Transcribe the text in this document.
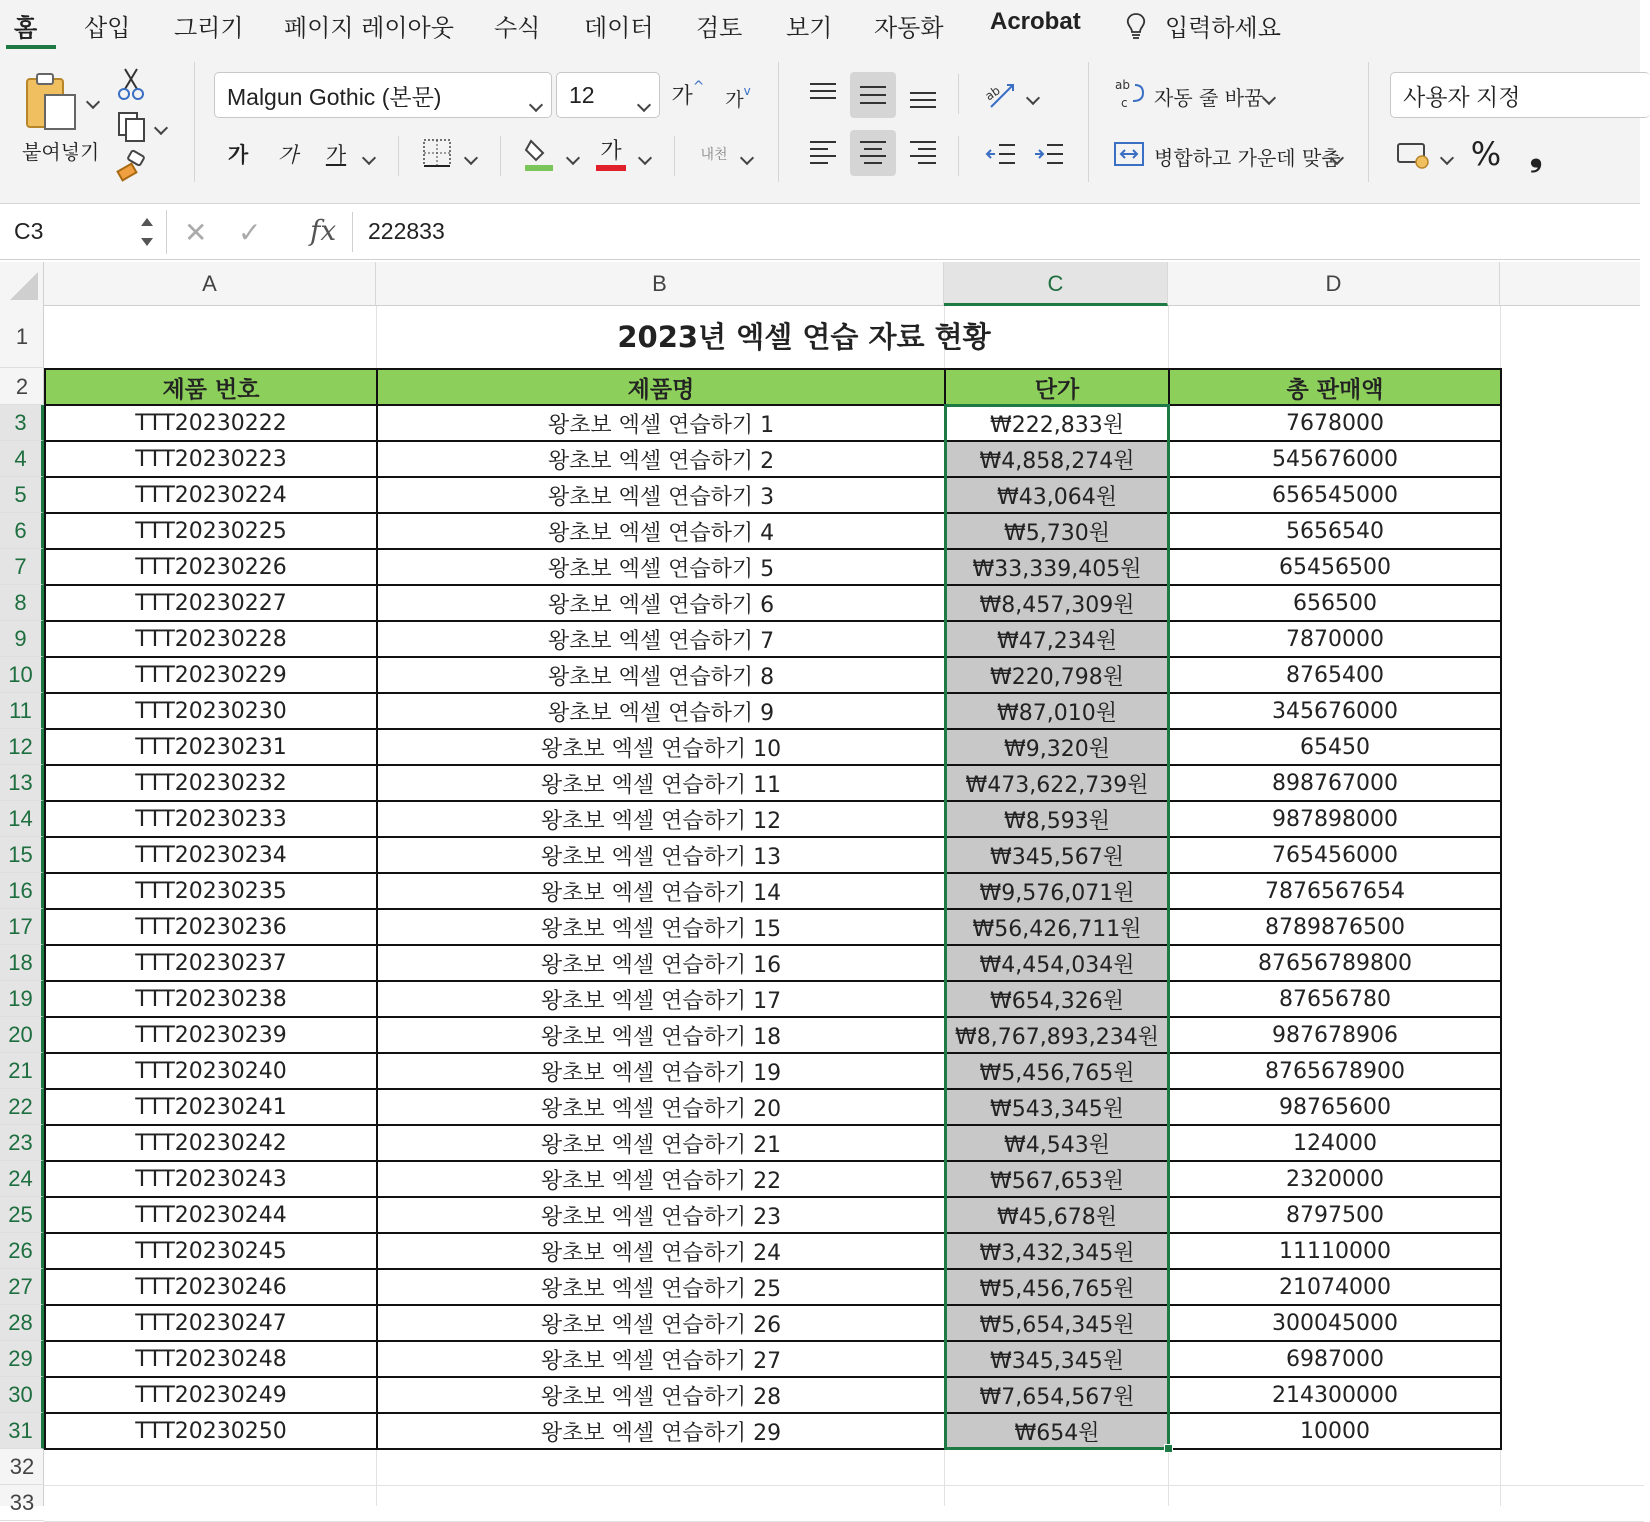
홈 삽입 그리기 페이지 레이아웃 수식 데이터 검토 보기 자동화 Acrobat	입력하세요
붙여넣기
Malgun Gothic (본문)	12	가 ^
가 v
가 가 가	가	내천
ab	ab
c 자동 줄 바꿈
병합하고 가운데 맞춤
사용자 지정
% ❟
C3	✕ ✓ fx 222833
A	B	C	D
1
2
3
4
5
6
7
8
9
10
11
12
13
14
15
16
17
18
19
20
21
22
23
24
25
26
27
28
29
30
31
32
33
2023년 엑셀 연습 자료 현황
제품 번호	제품명	단가	총 판매액
TTT20230222	왕초보 엑셀 연습하기 1	₩222,833원	7678000
TTT20230223	왕초보 엑셀 연습하기 2	₩4,858,274원	545676000
TTT20230224	왕초보 엑셀 연습하기 3	₩43,064원	656545000
TTT20230225	왕초보 엑셀 연습하기 4	₩5,730원	5656540
TTT20230226	왕초보 엑셀 연습하기 5	₩33,339,405원	65456500
TTT20230227	왕초보 엑셀 연습하기 6	₩8,457,309원	656500
TTT20230228	왕초보 엑셀 연습하기 7	₩47,234원	7870000
TTT20230229	왕초보 엑셀 연습하기 8	₩220,798원	8765400
TTT20230230	왕초보 엑셀 연습하기 9	₩87,010원	345676000
TTT20230231	왕초보 엑셀 연습하기 10	₩9,320원	65450
TTT20230232	왕초보 엑셀 연습하기 11	₩473,622,739원	898767000
TTT20230233	왕초보 엑셀 연습하기 12	₩8,593원	987898000
TTT20230234	왕초보 엑셀 연습하기 13	₩345,567원	765456000
TTT20230235	왕초보 엑셀 연습하기 14	₩9,576,071원	7876567654
TTT20230236	왕초보 엑셀 연습하기 15	₩56,426,711원	8789876500
TTT20230237	왕초보 엑셀 연습하기 16	₩4,454,034원	87656789800
TTT20230238	왕초보 엑셀 연습하기 17	₩654,326원	87656780
TTT20230239	왕초보 엑셀 연습하기 18	₩8,767,893,234원	987678906
TTT20230240	왕초보 엑셀 연습하기 19	₩5,456,765원	8765678900
TTT20230241	왕초보 엑셀 연습하기 20	₩543,345원	98765600
TTT20230242	왕초보 엑셀 연습하기 21	₩4,543원	124000
TTT20230243	왕초보 엑셀 연습하기 22	₩567,653원	2320000
TTT20230244	왕초보 엑셀 연습하기 23	₩45,678원	8797500
TTT20230245	왕초보 엑셀 연습하기 24	₩3,432,345원	11110000
TTT20230246	왕초보 엑셀 연습하기 25	₩5,456,765원	21074000
TTT20230247	왕초보 엑셀 연습하기 26	₩5,654,345원	300045000
TTT20230248	왕초보 엑셀 연습하기 27	₩345,345원	6987000
TTT20230249	왕초보 엑셀 연습하기 28	₩7,654,567원	214300000
TTT20230250	왕초보 엑셀 연습하기 29	₩654원	10000
